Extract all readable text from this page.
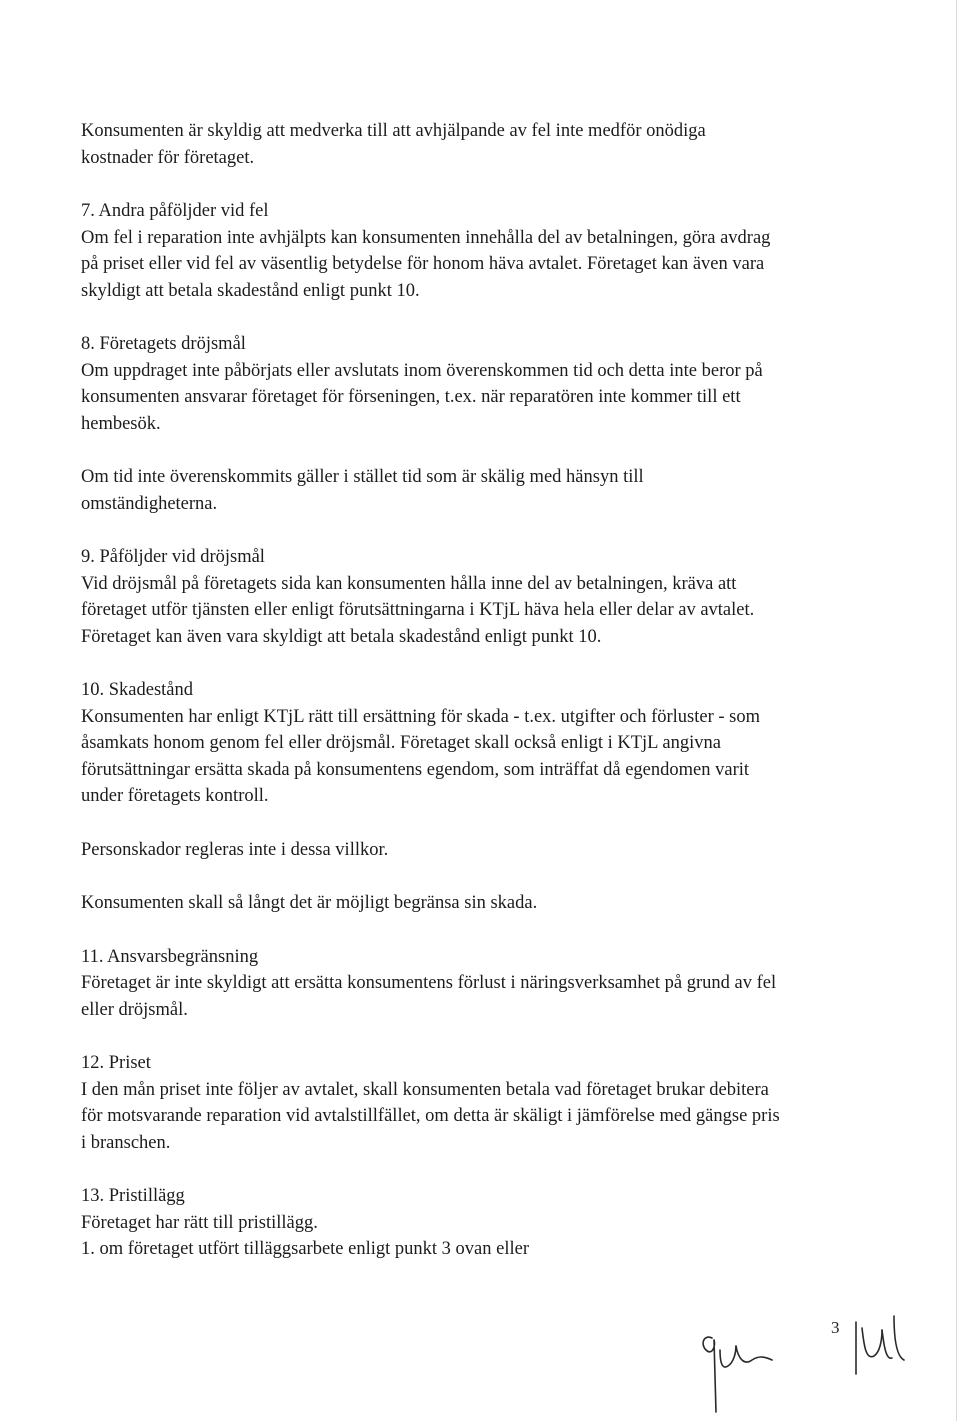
Konsumenten är skyldig att medverka till att avhjälpande av fel inte medför onödiga

kostnader för företaget.

7. Andra påföljder vid fel

Om fel i reparation inte avhjälpts kan konsumenten innehålla del av betalningen, göra avdrag

på priset eller vid fel av väsentlig betydelse för honom häva avtalet. Företaget kan även vara

skyldigt att betala skadestånd enligt punkt 10.

8. Företagets dröjsmål

Om uppdraget inte påbörjats eller avslutats inom överenskommen tid och detta inte beror på

konsumenten ansvarar företaget för förseningen, t.ex. när reparatören inte kommer till ett

hembesök.

Om tid inte överenskommits gäller i stället tid som är skälig med hänsyn till

omständigheterna.

9. Påföljder vid dröjsmål

Vid dröjsmål på företagets sida kan konsumenten hålla inne del av betalningen, kräva att

företaget utför tjänsten eller enligt förutsättningarna i KTjL häva hela eller delar av avtalet.

Företaget kan även vara skyldigt att betala skadestånd enligt punkt 10.

10. Skadestånd

Konsumenten har enligt KTjL rätt till ersättning för skada - t.ex. utgifter och förluster - som

åsamkats honom genom fel eller dröjsmål. Företaget skall också enligt i KTjL angivna

förutsättningar ersätta skada på konsumentens egendom, som inträffat då egendomen varit

under företagets kontroll.

Personskador regleras inte i dessa villkor.

Konsumenten skall så långt det är möjligt begränsa sin skada.

11. Ansvarsbegränsning

Företaget är inte skyldigt att ersätta konsumentens förlust i näringsverksamhet på grund av fel

eller dröjsmål.

12. Priset

I den mån priset inte följer av avtalet, skall konsumenten betala vad företaget brukar debitera

för motsvarande reparation vid avtalstillfället, om detta är skäligt i jämförelse med gängse pris

i branschen.

13. Pristillägg

Företaget har rätt till pristillägg.

1. om företaget utfört tilläggsarbete enligt punkt 3 ovan eller

3
